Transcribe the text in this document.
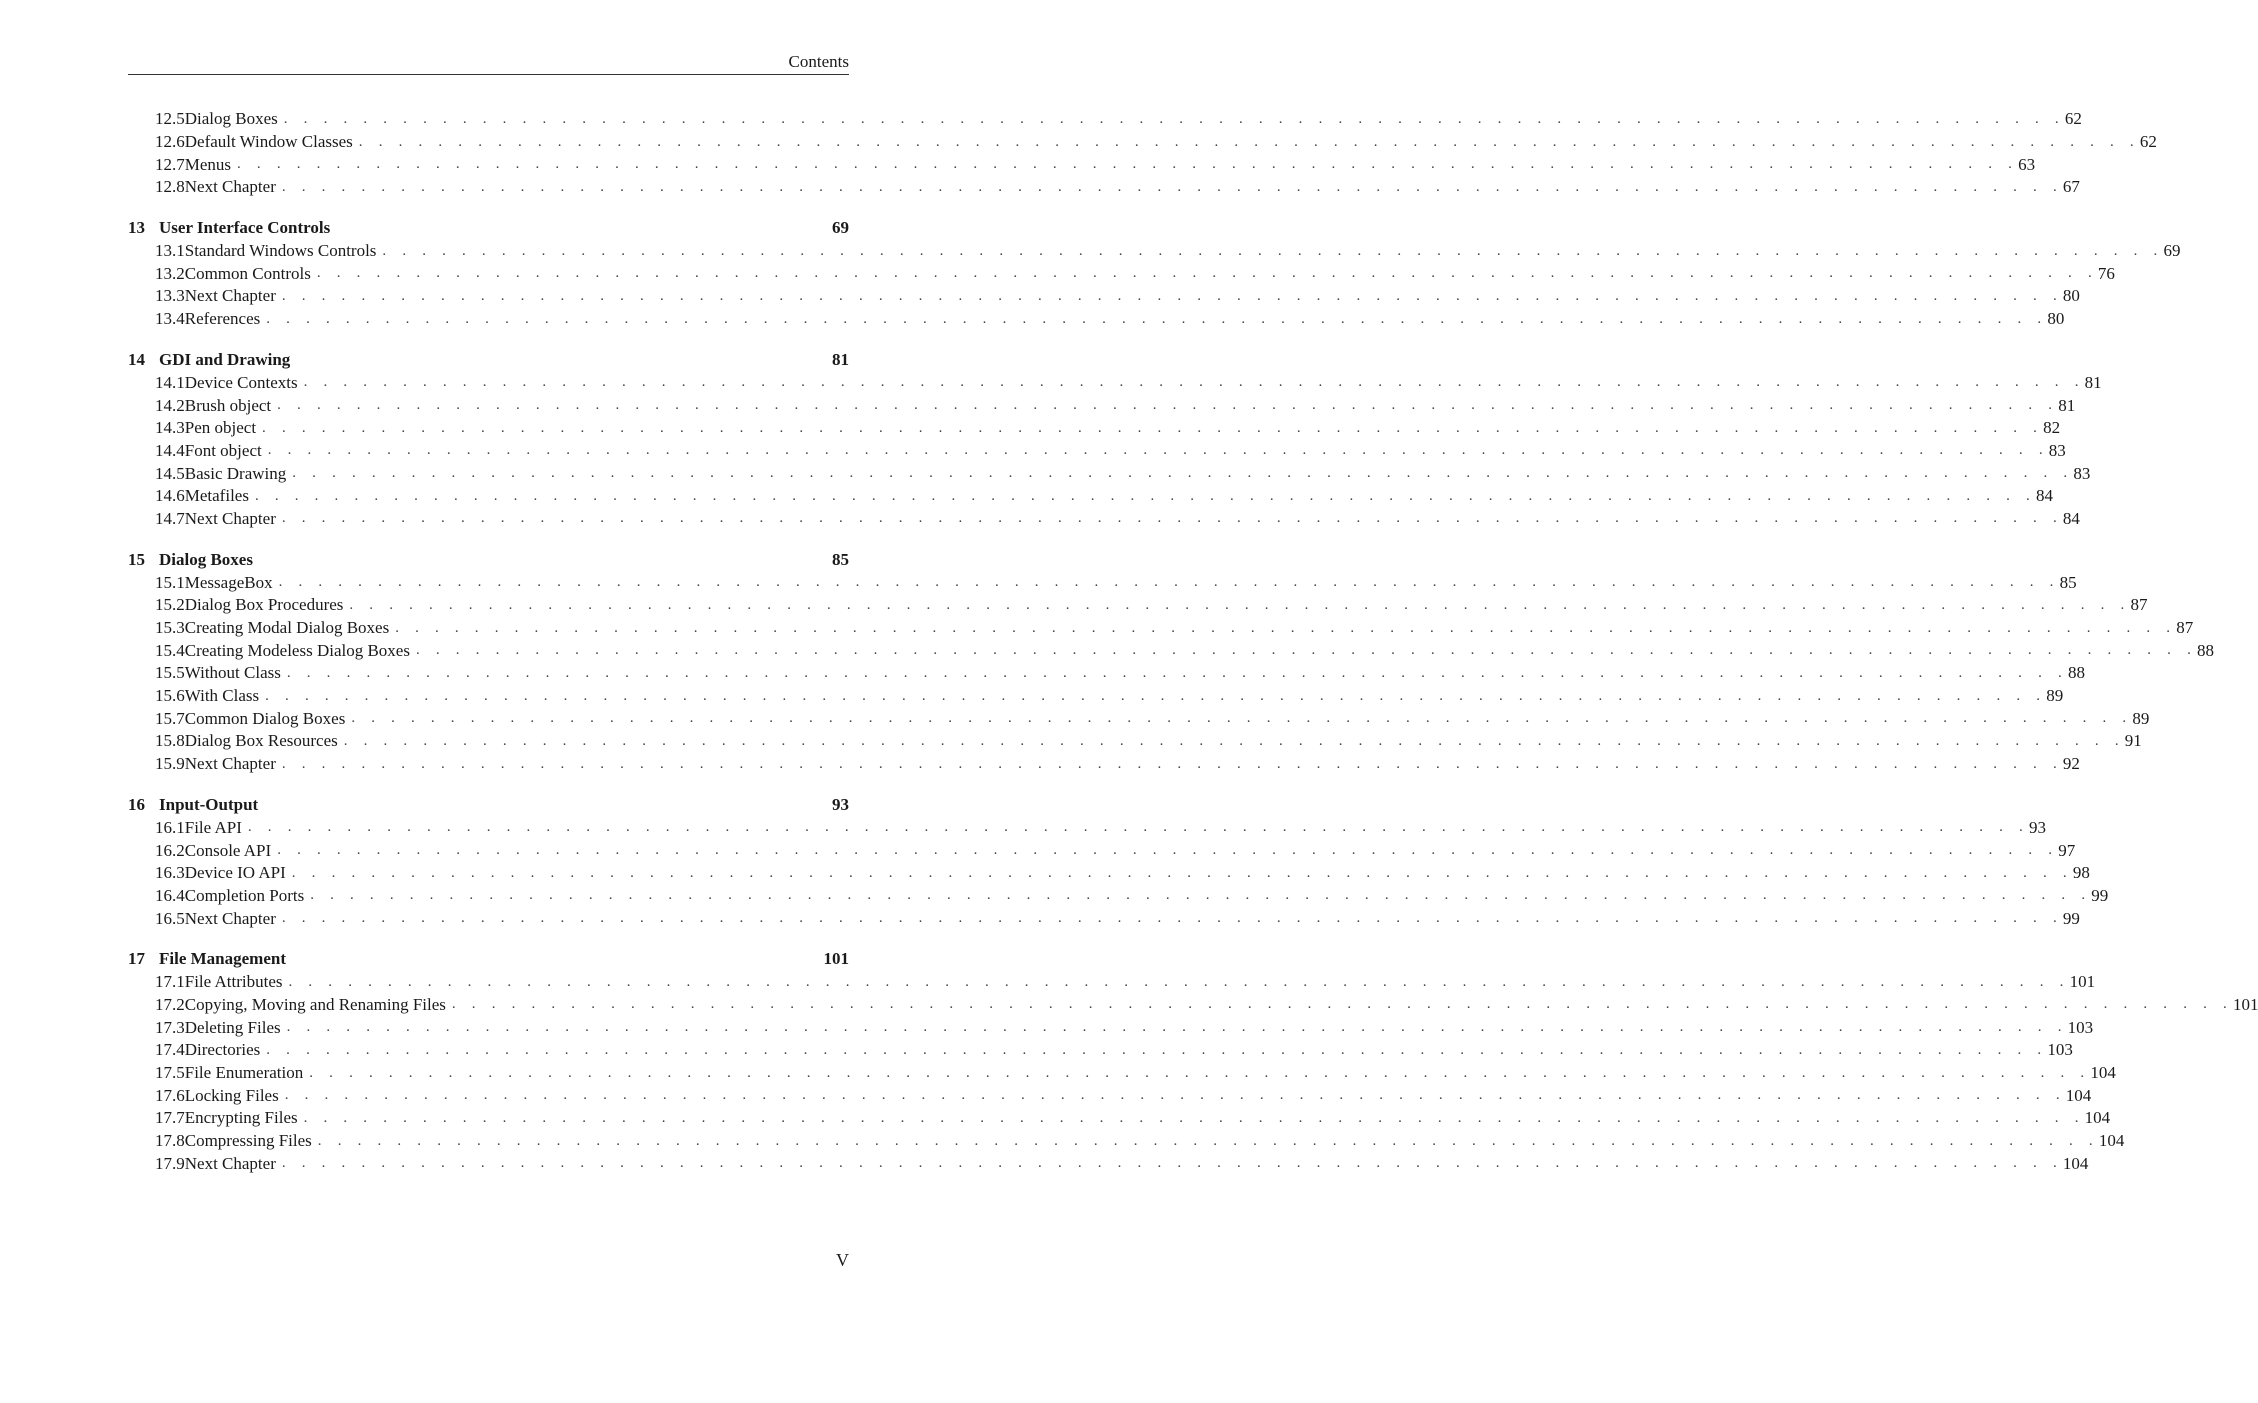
Contents
12.5 Dialog Boxes . . . . . . . . . . . . . . . . . . . . . . . . . . . . . . . . . . . . . . . . . . . . . . . . . . . . . . . . . . . . . . . . . . . . . . . . . . . . . . . . . . . . . . . . . . 62
12.6 Default Window Classes . . . . . . . . . . . . . . . . . . . . . . . . . . . . . . . . . . . . . . . . . . . . . . . . . . . . . . . . . . . . . . . . . . . . . . . . . . . . . . . . . . . . . . . . . . 62
12.7 Menus . . . . . . . . . . . . . . . . . . . . . . . . . . . . . . . . . . . . . . . . . . . . . . . . . . . . . . . . . . . . . . . . . . . . . . . . . . . . . . . . . . . . . . . . . . 63
12.8 Next Chapter . . . . . . . . . . . . . . . . . . . . . . . . . . . . . . . . . . . . . . . . . . . . . . . . . . . . . . . . . . . . . . . . . . . . . . . . . . . . . . . . . . . . . . . . . . 67
13 User Interface Controls	69
13.1 Standard Windows Controls . . . . . . . . . . . . . . . . . . . . . . . . . . . . . . . . . . . . . . . . . . . . . . . . . . . . . . . . . . . . . . . . . . . . . . . . . . . . . . . . . . . . . . . . . . 69
13.2 Common Controls . . . . . . . . . . . . . . . . . . . . . . . . . . . . . . . . . . . . . . . . . . . . . . . . . . . . . . . . . . . . . . . . . . . . . . . . . . . . . . . . . . . . . . . . . . 76
13.3 Next Chapter . . . . . . . . . . . . . . . . . . . . . . . . . . . . . . . . . . . . . . . . . . . . . . . . . . . . . . . . . . . . . . . . . . . . . . . . . . . . . . . . . . . . . . . . . . 80
13.4 References . . . . . . . . . . . . . . . . . . . . . . . . . . . . . . . . . . . . . . . . . . . . . . . . . . . . . . . . . . . . . . . . . . . . . . . . . . . . . . . . . . . . . . . . . . 80
14 GDI and Drawing	81
14.1 Device Contexts . . . . . . . . . . . . . . . . . . . . . . . . . . . . . . . . . . . . . . . . . . . . . . . . . . . . . . . . . . . . . . . . . . . . . . . . . . . . . . . . . . . . . . . . . . 81
14.2 Brush object . . . . . . . . . . . . . . . . . . . . . . . . . . . . . . . . . . . . . . . . . . . . . . . . . . . . . . . . . . . . . . . . . . . . . . . . . . . . . . . . . . . . . . . . . . 81
14.3 Pen object . . . . . . . . . . . . . . . . . . . . . . . . . . . . . . . . . . . . . . . . . . . . . . . . . . . . . . . . . . . . . . . . . . . . . . . . . . . . . . . . . . . . . . . . . . 82
14.4 Font object . . . . . . . . . . . . . . . . . . . . . . . . . . . . . . . . . . . . . . . . . . . . . . . . . . . . . . . . . . . . . . . . . . . . . . . . . . . . . . . . . . . . . . . . . . 83
14.5 Basic Drawing . . . . . . . . . . . . . . . . . . . . . . . . . . . . . . . . . . . . . . . . . . . . . . . . . . . . . . . . . . . . . . . . . . . . . . . . . . . . . . . . . . . . . . . . . . 83
14.6 Metafiles . . . . . . . . . . . . . . . . . . . . . . . . . . . . . . . . . . . . . . . . . . . . . . . . . . . . . . . . . . . . . . . . . . . . . . . . . . . . . . . . . . . . . . . . . . 84
14.7 Next Chapter . . . . . . . . . . . . . . . . . . . . . . . . . . . . . . . . . . . . . . . . . . . . . . . . . . . . . . . . . . . . . . . . . . . . . . . . . . . . . . . . . . . . . . . . . . 84
15 Dialog Boxes	85
15.1 MessageBox . . . . . . . . . . . . . . . . . . . . . . . . . . . . . . . . . . . . . . . . . . . . . . . . . . . . . . . . . . . . . . . . . . . . . . . . . . . . . . . . . . . . . . . . . . 85
15.2 Dialog Box Procedures . . . . . . . . . . . . . . . . . . . . . . . . . . . . . . . . . . . . . . . . . . . . . . . . . . . . . . . . . . . . . . . . . . . . . . . . . . . . . . . . . . . . . . . . . . 87
15.3 Creating Modal Dialog Boxes . . . . . . . . . . . . . . . . . . . . . . . . . . . . . . . . . . . . . . . . . . . . . . . . . . . . . . . . . . . . . . . . . . . . . . . . . . . . . . . . . . . . . . . . . . 87
15.4 Creating Modeless Dialog Boxes . . . . . . . . . . . . . . . . . . . . . . . . . . . . . . . . . . . . . . . . . . . . . . . . . . . . . . . . . . . . . . . . . . . . . . . . . . . . . . . . . . . . . . . . . . 88
15.5 Without Class . . . . . . . . . . . . . . . . . . . . . . . . . . . . . . . . . . . . . . . . . . . . . . . . . . . . . . . . . . . . . . . . . . . . . . . . . . . . . . . . . . . . . . . . . . 88
15.6 With Class . . . . . . . . . . . . . . . . . . . . . . . . . . . . . . . . . . . . . . . . . . . . . . . . . . . . . . . . . . . . . . . . . . . . . . . . . . . . . . . . . . . . . . . . . . 89
15.7 Common Dialog Boxes . . . . . . . . . . . . . . . . . . . . . . . . . . . . . . . . . . . . . . . . . . . . . . . . . . . . . . . . . . . . . . . . . . . . . . . . . . . . . . . . . . . . . . . . . . 89
15.8 Dialog Box Resources . . . . . . . . . . . . . . . . . . . . . . . . . . . . . . . . . . . . . . . . . . . . . . . . . . . . . . . . . . . . . . . . . . . . . . . . . . . . . . . . . . . . . . . . . . 91
15.9 Next Chapter . . . . . . . . . . . . . . . . . . . . . . . . . . . . . . . . . . . . . . . . . . . . . . . . . . . . . . . . . . . . . . . . . . . . . . . . . . . . . . . . . . . . . . . . . . 92
16 Input-Output	93
16.1 File API . . . . . . . . . . . . . . . . . . . . . . . . . . . . . . . . . . . . . . . . . . . . . . . . . . . . . . . . . . . . . . . . . . . . . . . . . . . . . . . . . . . . . . . . . . 93
16.2 Console API . . . . . . . . . . . . . . . . . . . . . . . . . . . . . . . . . . . . . . . . . . . . . . . . . . . . . . . . . . . . . . . . . . . . . . . . . . . . . . . . . . . . . . . . . . 97
16.3 Device IO API . . . . . . . . . . . . . . . . . . . . . . . . . . . . . . . . . . . . . . . . . . . . . . . . . . . . . . . . . . . . . . . . . . . . . . . . . . . . . . . . . . . . . . . . . . 98
16.4 Completion Ports . . . . . . . . . . . . . . . . . . . . . . . . . . . . . . . . . . . . . . . . . . . . . . . . . . . . . . . . . . . . . . . . . . . . . . . . . . . . . . . . . . . . . . . . . . 99
16.5 Next Chapter . . . . . . . . . . . . . . . . . . . . . . . . . . . . . . . . . . . . . . . . . . . . . . . . . . . . . . . . . . . . . . . . . . . . . . . . . . . . . . . . . . . . . . . . . . 99
17 File Management	101
17.1 File Attributes . . . . . . . . . . . . . . . . . . . . . . . . . . . . . . . . . . . . . . . . . . . . . . . . . . . . . . . . . . . . . . . . . . . . . . . . . . . . . . . . . . . . . . . . . . 101
17.2 Copying, Moving and Renaming Files . . . . . . . . . . . . . . . . . . . . . . . . . . . . . . . . . . . . . . . . . . . . . . . . . . . . . . . . . . . . . . . . . . . . . . . . . . . . . . . . . . . . . . . . . . 101
17.3 Deleting Files . . . . . . . . . . . . . . . . . . . . . . . . . . . . . . . . . . . . . . . . . . . . . . . . . . . . . . . . . . . . . . . . . . . . . . . . . . . . . . . . . . . . . . . . . . 103
17.4 Directories . . . . . . . . . . . . . . . . . . . . . . . . . . . . . . . . . . . . . . . . . . . . . . . . . . . . . . . . . . . . . . . . . . . . . . . . . . . . . . . . . . . . . . . . . . 103
17.5 File Enumeration . . . . . . . . . . . . . . . . . . . . . . . . . . . . . . . . . . . . . . . . . . . . . . . . . . . . . . . . . . . . . . . . . . . . . . . . . . . . . . . . . . . . . . . . . . 104
17.6 Locking Files . . . . . . . . . . . . . . . . . . . . . . . . . . . . . . . . . . . . . . . . . . . . . . . . . . . . . . . . . . . . . . . . . . . . . . . . . . . . . . . . . . . . . . . . . . 104
17.7 Encrypting Files . . . . . . . . . . . . . . . . . . . . . . . . . . . . . . . . . . . . . . . . . . . . . . . . . . . . . . . . . . . . . . . . . . . . . . . . . . . . . . . . . . . . . . . . . . 104
17.8 Compressing Files . . . . . . . . . . . . . . . . . . . . . . . . . . . . . . . . . . . . . . . . . . . . . . . . . . . . . . . . . . . . . . . . . . . . . . . . . . . . . . . . . . . . . . . . . . 104
17.9 Next Chapter . . . . . . . . . . . . . . . . . . . . . . . . . . . . . . . . . . . . . . . . . . . . . . . . . . . . . . . . . . . . . . . . . . . . . . . . . . . . . . . . . . . . . . . . . . 104
V
